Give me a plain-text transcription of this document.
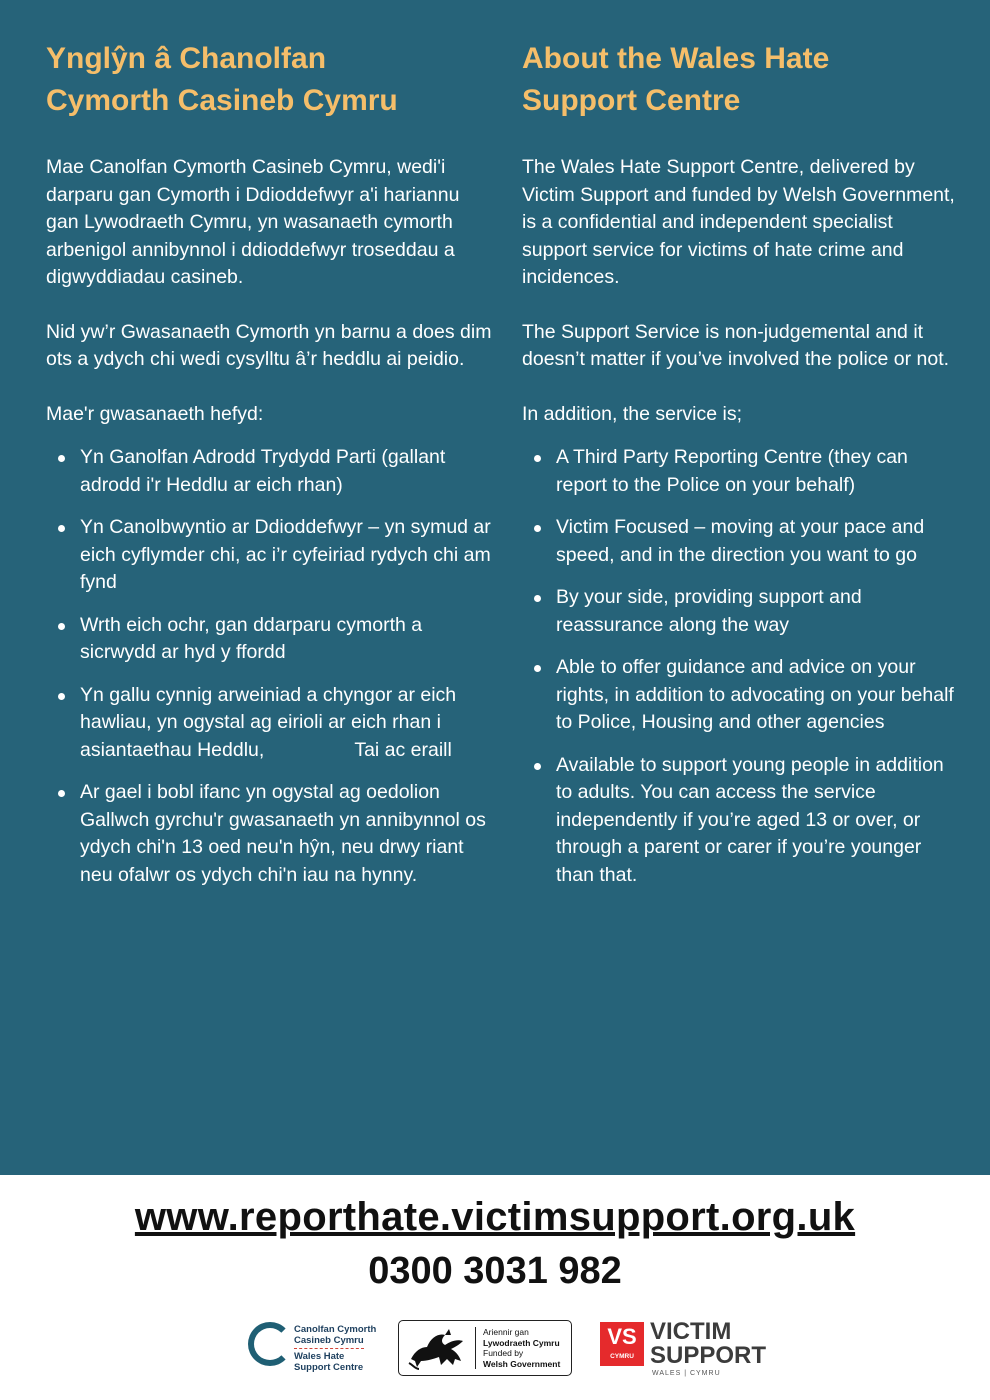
Ynglŷn â Chanolfan
Cymorth Casineb Cymru

Mae Canolfan Cymorth Casineb Cymru, wedi'i darparu gan Cymorth i Ddioddefwyr a'i hariannu gan Lywodraeth Cymru, yn wasanaeth cymorth arbenigol annibynnol i ddioddefwyr troseddau a digwyddiadau casineb.

Nid yw’r Gwasanaeth Cymorth yn barnu a does dim ots a ydych chi wedi cysylltu â’r heddlu ai peidio.

Mae'r gwasanaeth hefyd:

Yn Ganolfan Adrodd Trydydd Parti (gallant adrodd i'r Heddlu ar eich rhan)
Yn Canolbwyntio ar Ddioddefwyr – yn symud ar eich cyflymder chi, ac i’r cyfeiriad rydych chi am fynd
Wrth eich ochr, gan ddarparu cymorth a sicrwydd ar hyd y ffordd
Yn gallu cynnig arweiniad a chyngor ar eich hawliau, yn ogystal ag eirioli ar eich rhan i asiantaethau Heddlu,	Tai ac eraill
Ar gael i bobl ifanc yn ogystal ag oedolion Gallwch gyrchu'r gwasanaeth yn annibynnol os ydych chi'n 13 oed neu'n hŷn, neu drwy riant neu ofalwr os ydych chi'n iau na hynny.
About the Wales Hate
Support Centre

The Wales Hate Support Centre, delivered by Victim Support and funded by Welsh Government, is a confidential and independent specialist support service for victims of hate crime and incidences.

The Support Service is non-judgemental and it doesn’t matter if you’ve involved the police or not.

In addition, the service is;

A Third Party Reporting Centre (they can report to the Police on your behalf)
Victim Focused – moving at your pace and speed, and in the direction you want to go
By your side, providing support and reassurance along the way
Able to offer guidance and advice on your rights, in addition to advocating on your behalf to Police, Housing and other agencies
Available to support young people in addition to adults. You can access the service independently if you’re aged 13 or over, or through a parent or carer if you’re younger than that.
www.reporthate.victimsupport.org.uk
0300 3031 982
Canolfan Cymorth
Casineb Cymru
Wales Hate
Support Centre
Ariennir gan
Lywodraeth Cymru
Funded by
Welsh Government
VS
CYMRU
VICTIM
SUPPORT
WALES | CYMRU
